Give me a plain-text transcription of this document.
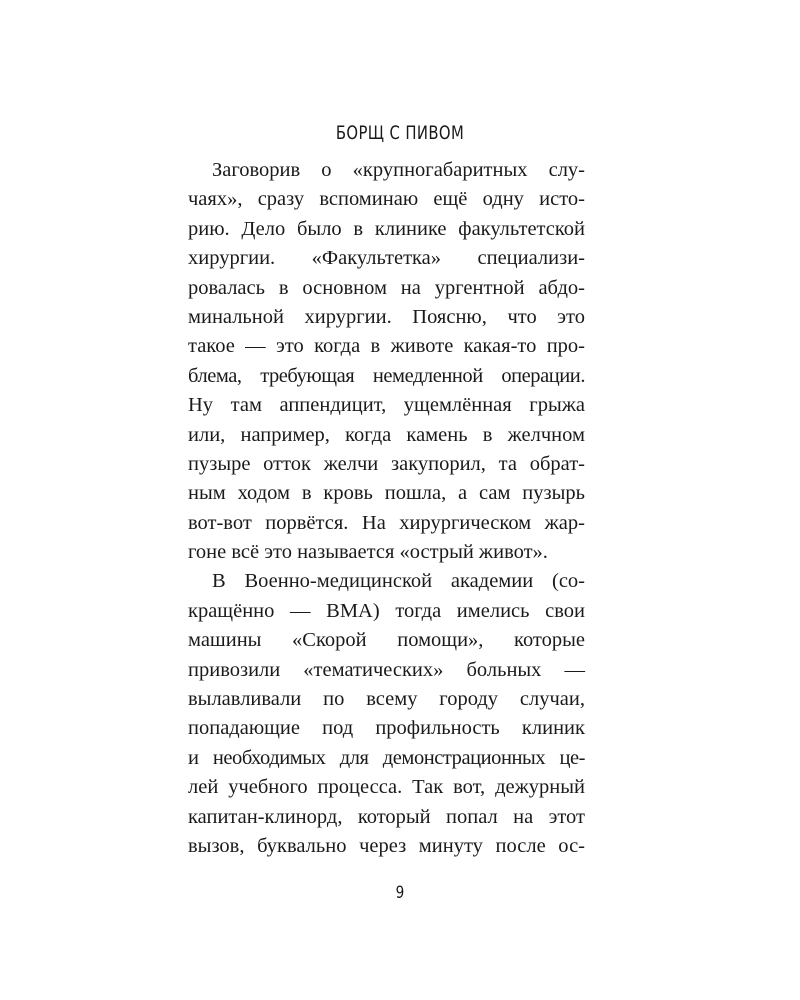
БОРЩ С ПИВОМ
Заговорив о «крупногабаритных слу-
чаях», сразу вспоминаю ещё одну исто-
рию. Дело было в клинике факультетской
хирургии. «Факультетка» специализи-
ровалась в основном на ургентной абдо-
минальной хирургии. Поясню, что это
такое — это когда в животе какая-то про-
блема, требующая немедленной операции.
Ну там аппендицит, ущемлённая грыжа
или, например, когда камень в желчном
пузыре отток желчи закупорил, та обрат-
ным ходом в кровь пошла, а сам пузырь
вот-вот порвётся. На хирургическом жар-
гоне всё это называется «острый живот».
В Военно-медицинской академии (со-
кращённо — ВМА) тогда имелись свои
машины «Скорой помощи», которые
привозили «тематических» больных —
вылавливали по всему городу случаи,
попадающие под профильность клиник
и необходимых для демонстрационных це-
лей учебного процесса. Так вот, дежурный
капитан-клинорд, который попал на этот
вызов, буквально через минуту после ос-
9
